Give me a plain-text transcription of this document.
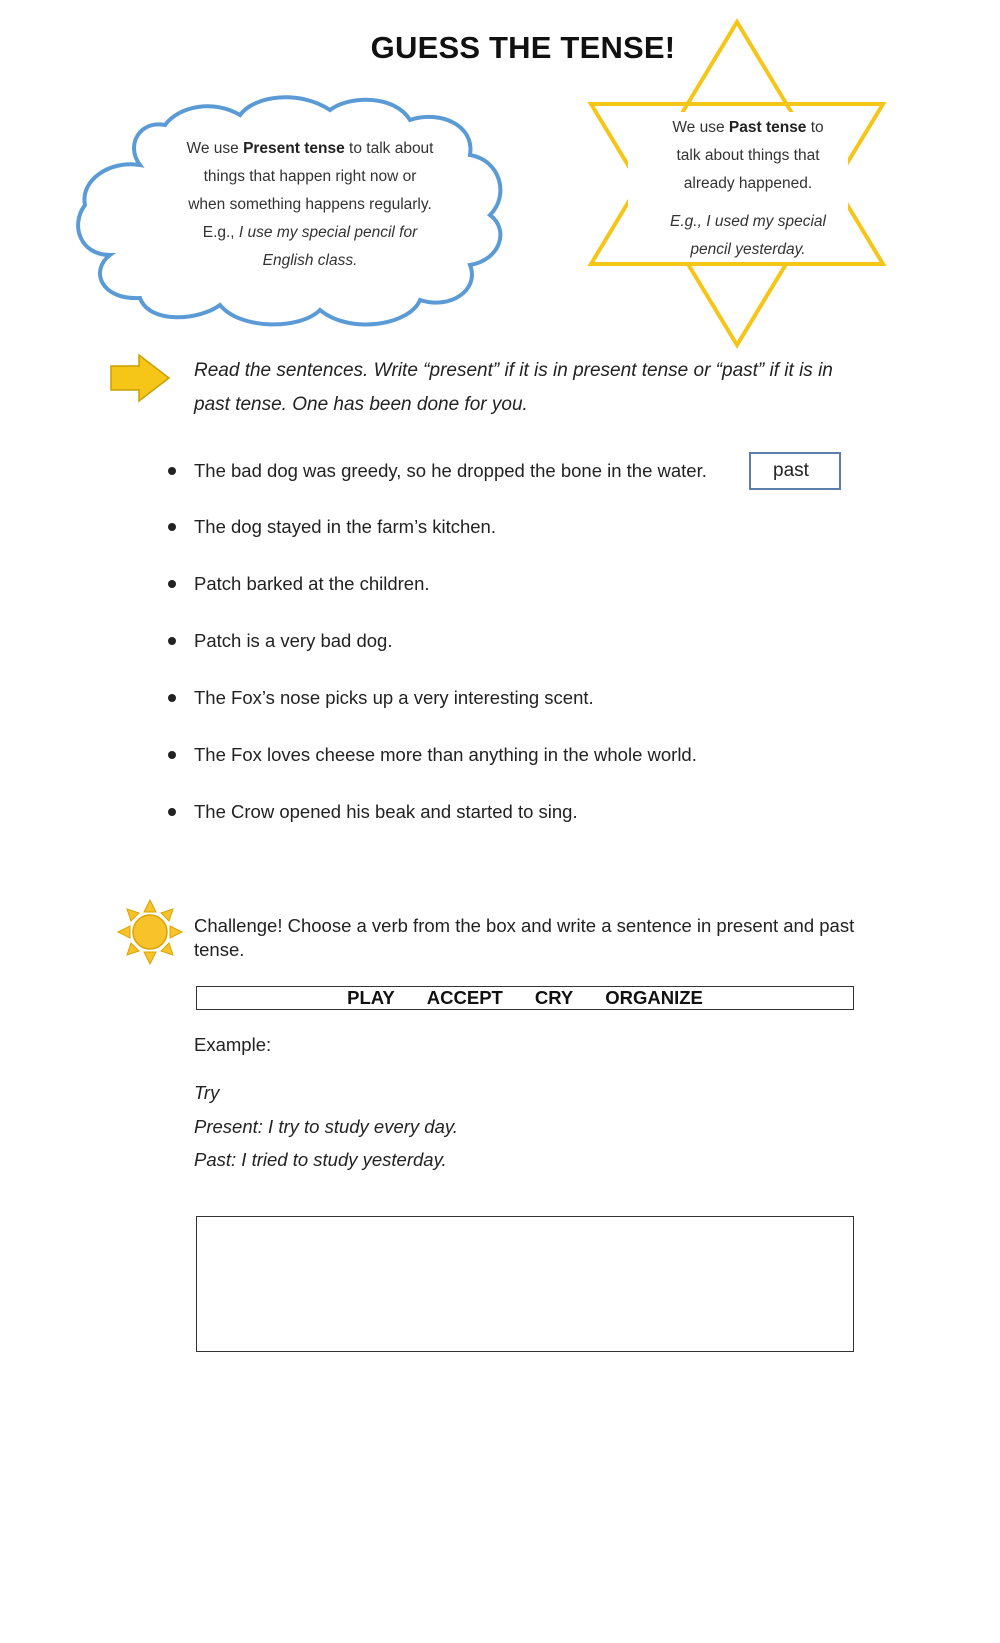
GUESS THE TENSE!
We use Present tense to talk about
things that happen right now or
when something happens regularly.
E.g., I use my special pencil for
English class.
We use Past tense to
talk about things that
already happened.
E.g., I used my special
pencil yesterday.
Read the sentences. Write “present” if it is in present tense or “past” if it is in past tense. One has been done for you.
The bad dog was greedy, so he dropped the bone in the water.
The dog stayed in the farm’s kitchen.
Patch barked at the children.
Patch is a very bad dog.
The Fox’s nose picks up a very interesting scent.
The Fox loves cheese more than anything in the whole world.
The Crow opened his beak and started to sing.
past
Challenge! Choose a verb from the box and write a sentence in present and past tense.
PLAY ACCEPT CRY ORGANIZE
Example:
Try
Present: I try to study every day.
Past: I tried to study yesterday.
